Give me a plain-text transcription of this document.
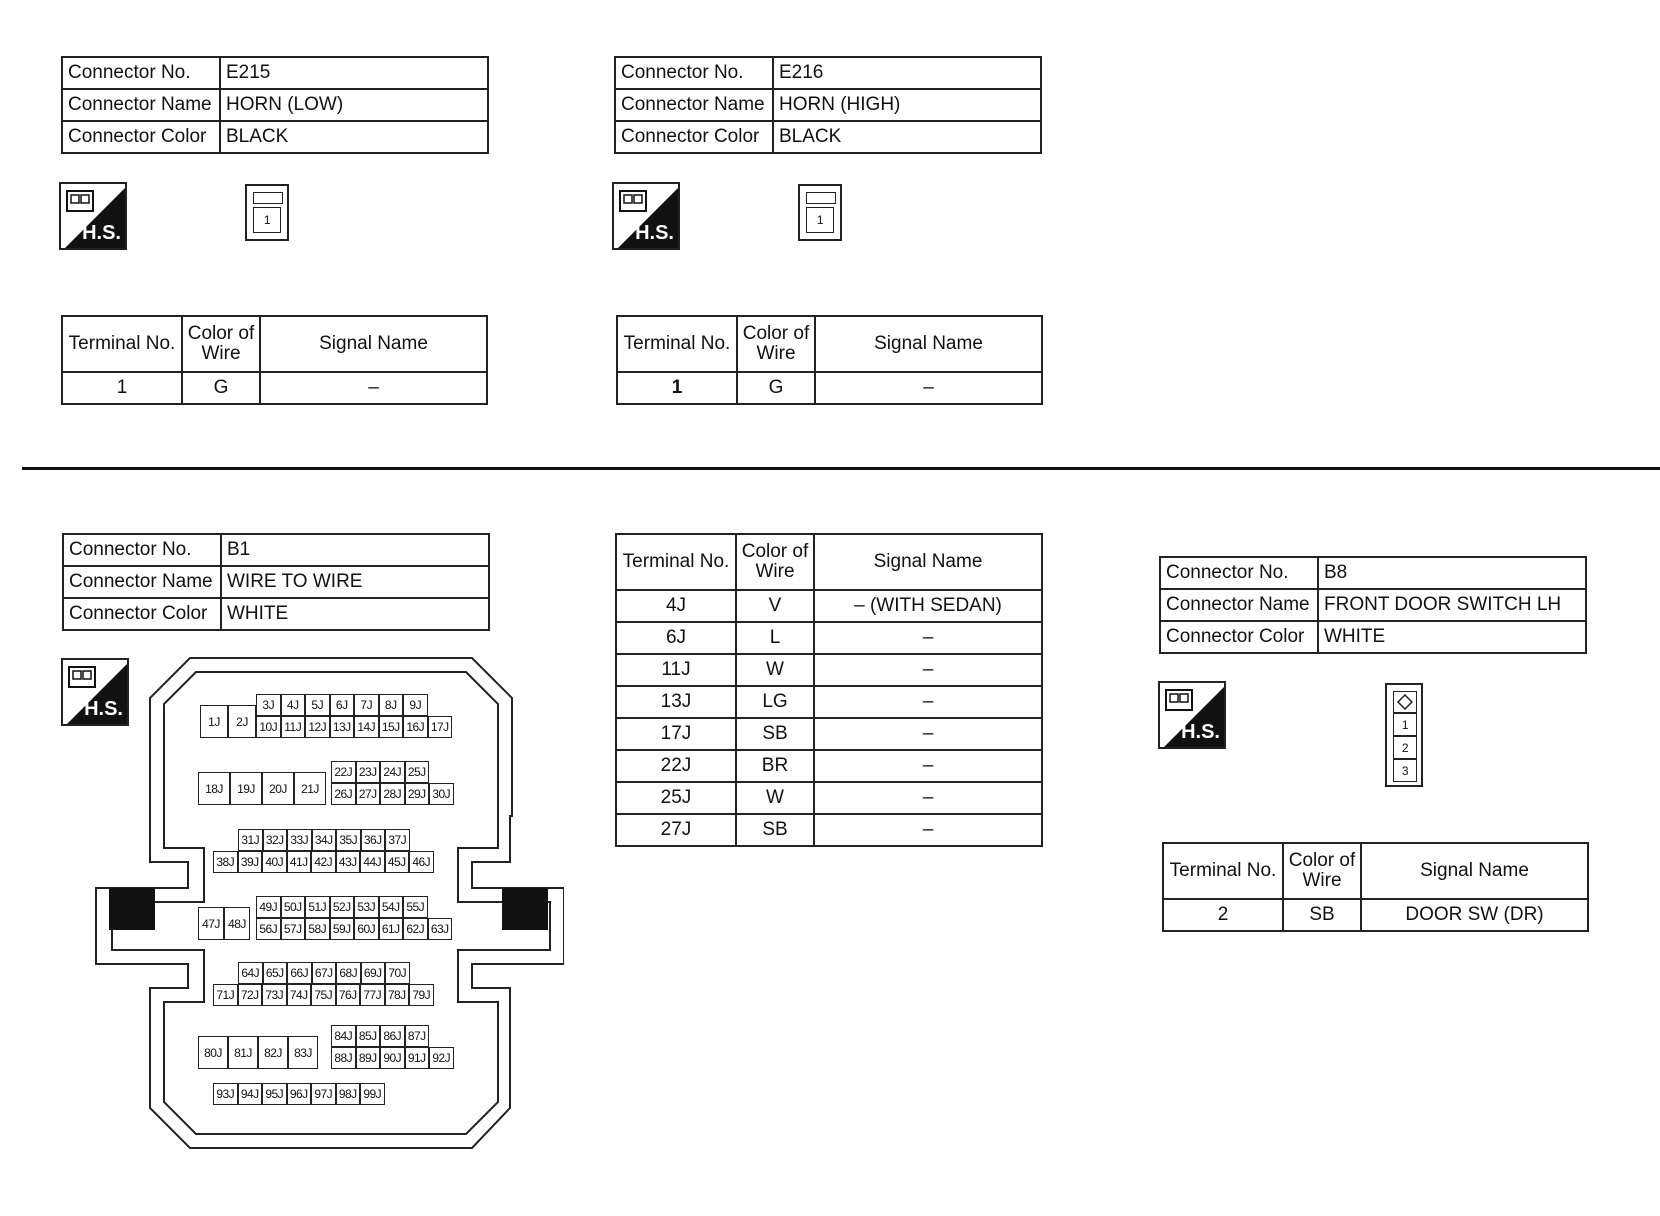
Connector No.	E215
Connector Name	HORN (LOW)
Connector Color	BLACK
H.S.
1
Terminal No.	Color of Wire	Signal Name
1	G	–
Connector No.	E216
Connector Name	HORN (HIGH)
Connector Color	BLACK
H.S.
1
Terminal No.	Color of Wire	Signal Name
1	G	–
Connector No.	B1
Connector Name	WIRE TO WIRE
Connector Color	WHITE
H.S.	3J	4J	5J	6J	7J	8J	9J
10J 11J 12J 13J 14J 15J 16J 17J
1J	2J
22J 23J 24J 25J
26J 27J 28J 29J 30J
18J	19J	20J	21J
31J 32J 33J 34J 35J 36J 37J
38J 39J 40J 41J 42J 43J 44J 45J 46J
49J 50J 51J 52J 53J 54J 55J
56J 57J 58J 59J 60J 61J 62J 63J
47J 48J
64J 65J 66J 67J 68J 69J 70J
71J 72J 73J 74J 75J 76J 77J 78J 79J
84J 85J 86J 87J
88J 89J 90J 91J 92J
80J	81J	82J	83J
93J 94J 95J 96J 97J 98J 99J
Terminal No.	Color of Wire	Signal Name
4J	V	– (WITH SEDAN)
6J	L	–
11J	W	–
13J	LG	–
17J	SB	–
22J	BR	–
25J	W	–
27J	SB	–
Connector No.	B8
Connector Name	FRONT DOOR SWITCH LH
Connector Color	WHITE
H.S.	1
2
3
Terminal No.	Color of Wire	Signal Name
2	SB	DOOR SW (DR)
